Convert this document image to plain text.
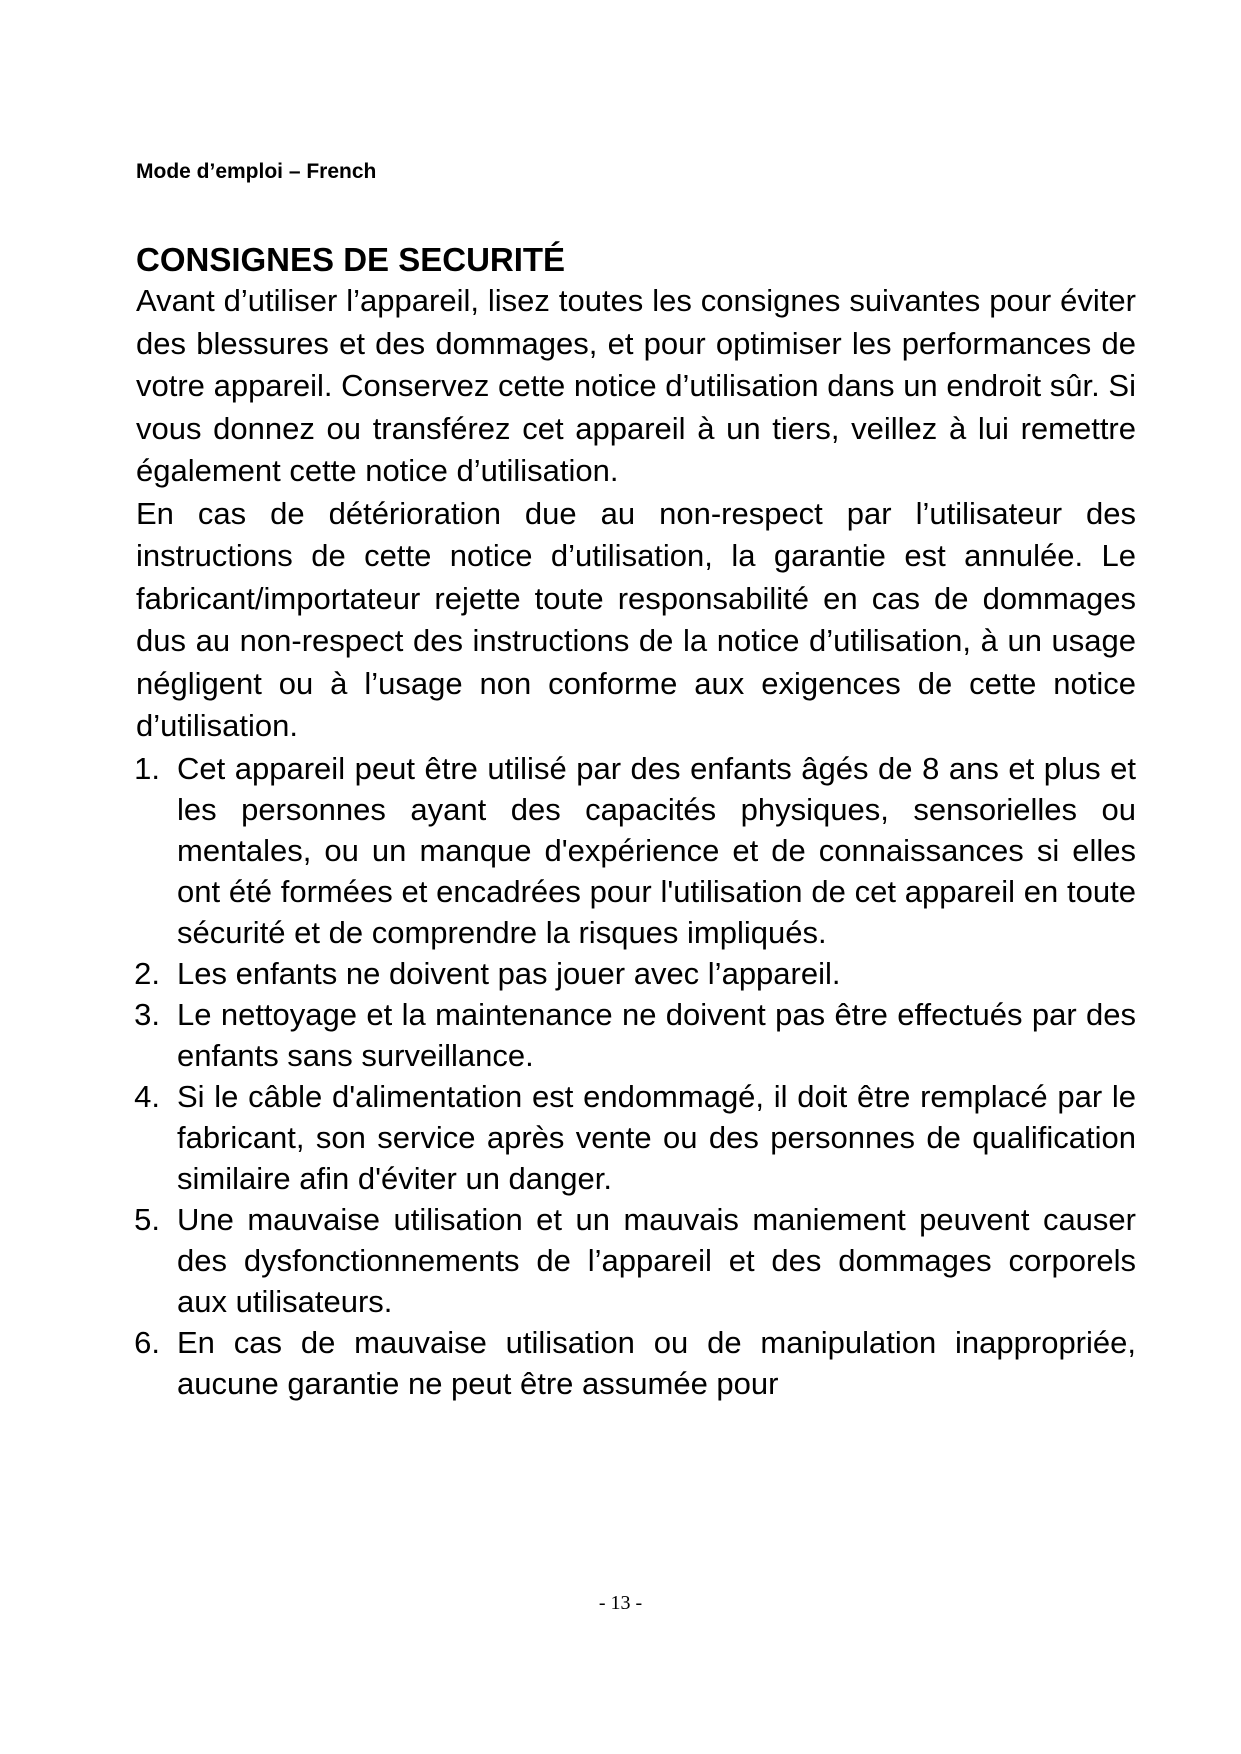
Mode d’emploi – French
CONSIGNES DE SECURITÉ

Avant d’utiliser l’appareil, lisez toutes les consignes suivantes pour éviter des blessures et des dommages, et pour optimiser les performances de votre appareil. Conservez cette notice d’utilisation dans un endroit sûr. Si vous donnez ou transférez cet appareil à un tiers, veillez à lui remettre également cette notice d’utilisation.

En cas de détérioration due au non-respect par l’utilisateur des instructions de cette notice d’utilisation, la garantie est annulée. Le fabricant/importateur rejette toute responsabilité en cas de dommages dus au non-respect des instructions de la notice d’utilisation, à un usage négligent ou à l’usage non conforme aux exigences de cette notice d’utilisation.

1. Cet appareil peut être utilisé par des enfants âgés de 8 ans et plus et les personnes ayant des capacités physiques, sensorielles ou mentales, ou un manque d'expérience et de connaissances si elles ont été formées et encadrées pour l'utilisation de cet appareil en toute sécurité et de comprendre la risques impliqués.
2. Les enfants ne doivent pas jouer avec l’appareil.
3. Le nettoyage et la maintenance ne doivent pas être effectués par des enfants sans surveillance.
4. Si le câble d'alimentation est endommagé, il doit être remplacé par le fabricant, son service après vente ou des personnes de qualification similaire afin d'éviter un danger.
5. Une mauvaise utilisation et un mauvais maniement peuvent causer des dysfonctionnements de l’appareil et des dommages corporels aux utilisateurs.
6. En cas de mauvaise utilisation ou de manipulation inappropriée, aucune garantie ne peut être assumée pour
- 13 -
